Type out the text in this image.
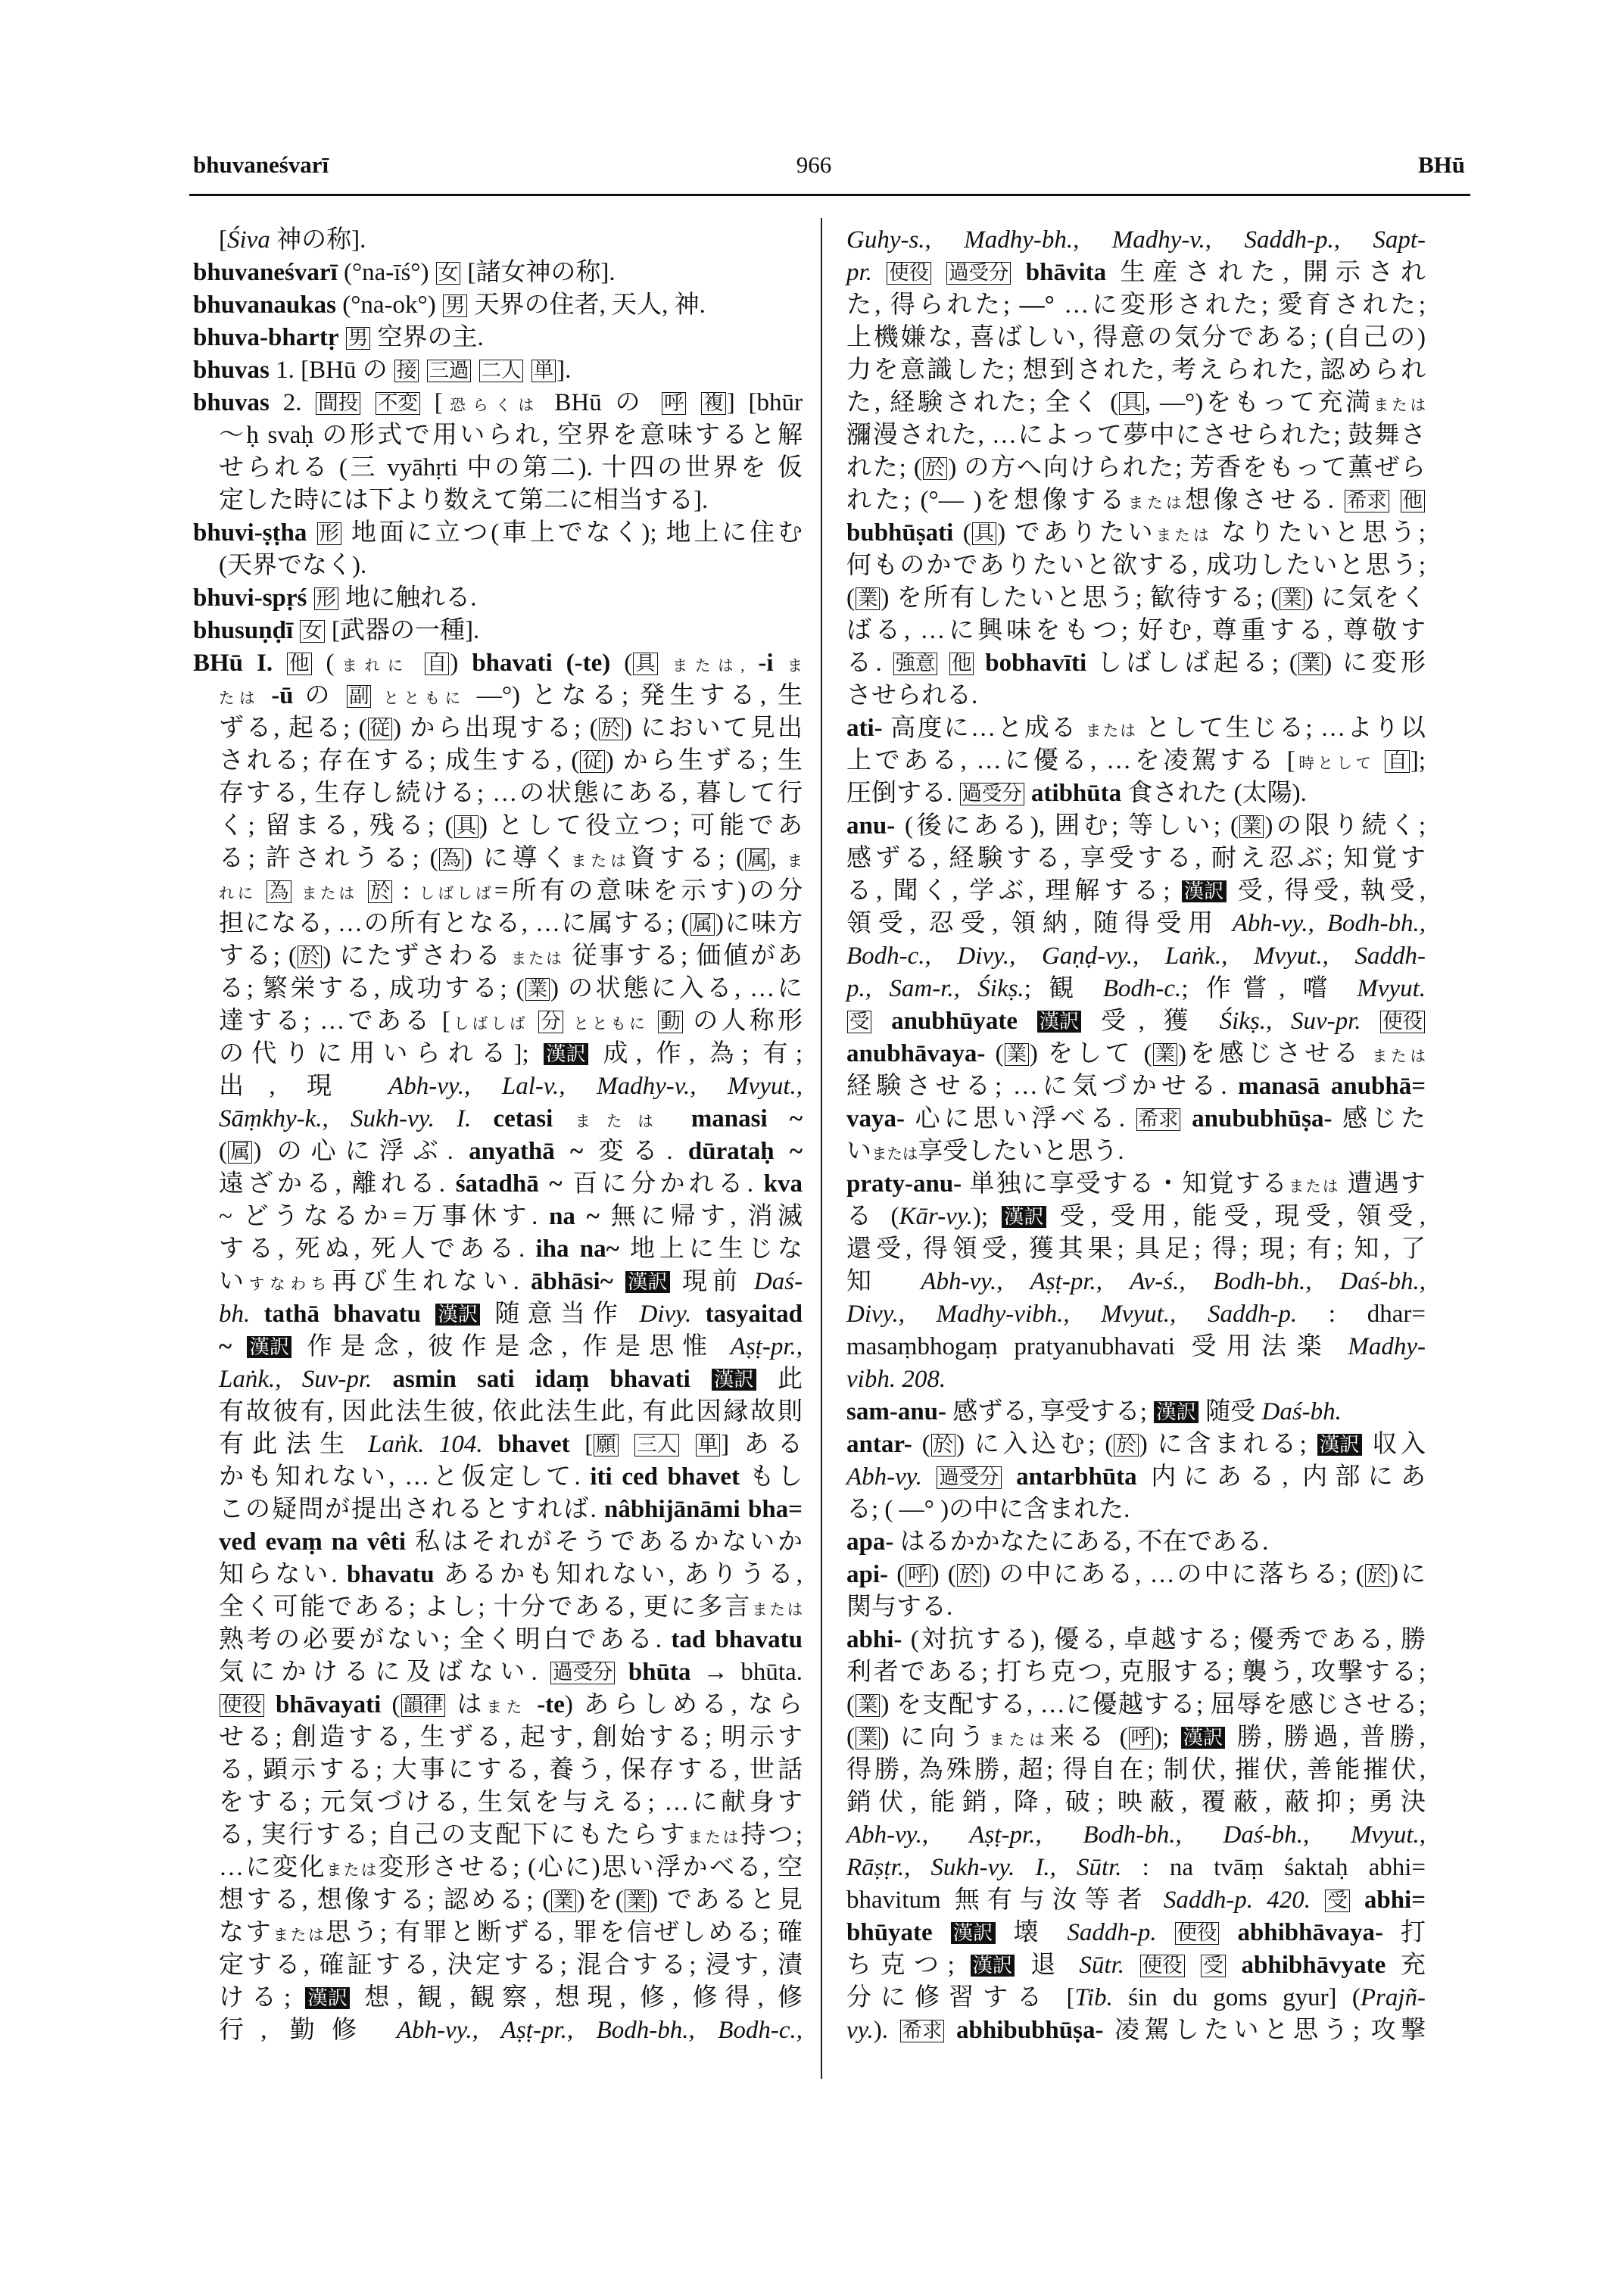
bhuvaneśvarī	966	BHū
[Śiva 神の称].
bhuvaneśvarī (°na-īś°) 女 [諸女神の称].
bhuvanaukas (°na-ok°) 男 天界の住者, 天人, 神.
bhuva-bhartṛ 男 空界の主.
bhuvas 1. [BHū の 接 三過 二人 単 ].
bhuvas 2. 間投 不変 [恐らくは BHū の 呼 複 ] [bhūr
〜ḥ svaḥ の形式で用いられ, 空界を意味すると解
せられる (三 vyāhṛti 中の第二). 十四の世界を 仮
定した時には下より数えて第二に相当する].
bhuvi-ṣṭha 形 地面に立つ(車上でなく); 地上に住む
(天界でなく).
bhuvi-spṛś 形 地に触れる.
bhusuṇḍī 女 [武器の一種].
BHū I. 他 (まれに 自 ) bhavati (-te) ( 具 または, -i ま
たは -ū の 副 とともに —°) となる; 発生する, 生
ずる, 起る; ( 従 ) から出現する; ( 於 ) において見出
される; 存在する; 成生する, ( 従 ) から生ずる; 生
存する, 生存し続ける; …の状態にある, 暮して行
く; 留まる, 残る; ( 具 ) として役立つ; 可能であ
る; 許されうる; ( 為 ) に導くまたは資する; ( 属 , ま
れに 為 または 於 : しばしば=所有の意味を示す)の分
担になる, …の所有となる, …に属する; ( 属 )に味方
する; ( 於 ) にたずさわる または 従事する; 価値があ
る; 繁栄する, 成功する; ( 業 ) の状態に入る, …に
達する; …である [しばしば 分 とともに 動 の人称形
の代りに用いられる]; 漢訳 成, 作, 為; 有;
出, 現 Abh-vy., Lal-v., Madhy-v., Mvyut.,
Sāṃkhy-k., Sukh-vy. I. cetasi または manasi ~
( 属 ) の心に浮ぶ. anyathā ~ 変る. dūrataḥ ~
遠ざかる, 離れる. śatadhā ~ 百に分かれる. kva
~ どうなるか=万事休す. na ~ 無に帰す, 消滅
する, 死ぬ, 死人である. iha na~ 地上に生じな
いすなわち再び生れない. ābhāsi~ 漢訳 現前 Daś-
bh. tathā bhavatu 漢訳 随意当作 Divy. tasyaitad
~ 漢訳 作是念, 彼作是念, 作是思惟 Aṣṭ-pr.,
Laṅk., Suv-pr. asmin sati idaṃ bhavati 漢訳 此
有故彼有, 因此法生彼, 依此法生此, 有此因縁故則
有此法生 Laṅk. 104. bhavet [ 願 三人 単 ] ある
かも知れない, …と仮定して. iti ced bhavet もし
この疑問が提出されるとすれば. nâbhijānāmi bha=
ved evaṃ na vêti 私はそれがそうであるかないか
知らない. bhavatu あるかも知れない, ありうる,
全く可能である; よし; 十分である, 更に多言または
熟考の必要がない; 全く明白である. tad bhavatu
気にかけるに及ばない. 過受分 bhūta → bhūta.
使役 bhāvayati ( 韻律 はまた -te) あらしめる, なら
せる; 創造する, 生ずる, 起す, 創始する; 明示す
る, 顕示する; 大事にする, 養う, 保存する, 世話
をする; 元気づける, 生気を与える; …に献身す
る, 実行する; 自己の支配下にもたらすまたは持つ;
…に変化または変形させる; (心に)思い浮かべる, 空
想する, 想像する; 認める; ( 業 )を( 業 ) であると見
なすまたは思う; 有罪と断ずる, 罪を信ぜしめる; 確
定する, 確証する, 決定する; 混合する; 浸す, 漬
ける; 漢訳 想, 観, 観察, 想現, 修, 修得, 修
行, 勤修 Abh-vy., Aṣṭ-pr., Bodh-bh., Bodh-c.,
Guhy-s., Madhy-bh., Madhy-v., Saddh-p., Sapt-
pr. 使役 過受分 bhāvita 生産された, 開示され
た, 得られた; —° …に変形された; 愛育された;
上機嫌な, 喜ばしい, 得意の気分である; (自己の)
力を意識した; 想到された, 考えられた, 認められ
た, 経験された; 全く ( 具 , —°)をもって充満または
瀰漫された, …によって夢中にさせられた; 鼓舞さ
れた; ( 於 ) の方へ向けられた; 芳香をもって薫ぜら
れた; (°— )を想像するまたは想像させる. 希求 他
bubhūṣati ( 具 ) でありたいまたは なりたいと思う;
何ものかでありたいと欲する, 成功したいと思う;
( 業 ) を所有したいと思う; 歓待する; ( 業 ) に気をく
ばる, …に興味をもつ; 好む, 尊重する, 尊敬す
る. 強意 他 bobhavīti しばしば起る; ( 業 ) に変形
させられる.
ati- 高度に…と成る または として生じる; …より以
上である, …に優る, …を凌駕する [時として 自 ];
圧倒する. 過受分 atibhūta 食された (太陽).
anu- (後にある), 囲む; 等しい; ( 業 )の限り続く;
感ずる, 経験する, 享受する, 耐え忍ぶ; 知覚す
る, 聞く, 学ぶ, 理解する; 漢訳 受, 得受, 執受,
領受, 忍受, 領納, 随得受用 Abh-vy., Bodh-bh.,
Bodh-c., Divy., Gaṇḍ-vy., Laṅk., Mvyut., Saddh-
p., Sam-r., Śikṣ.; 観 Bodh-c.; 作嘗, 嚐 Mvyut.
受 anubhūyate 漢訳 受, 獲 Śikṣ., Suv-pr. 使役
anubhāvaya- ( 業 ) をして ( 業 )を感じさせる または
経験させる; …に気づかせる. manasā anubhā=
vaya- 心に思い浮べる. 希求 anububhūṣa- 感じた
いまたは享受したいと思う.
praty-anu- 単独に享受する・知覚するまたは 遭遇す
る (Kār-vy.); 漢訳 受, 受用, 能受, 現受, 領受,
還受, 得領受, 獲其果; 具足; 得; 現; 有; 知, 了
知 Abh-vy., Aṣṭ-pr., Av-ś., Bodh-bh., Daś-bh.,
Divy., Madhy-vibh., Mvyut., Saddh-p. : dhar=
masaṃbhogaṃ pratyanubhavati 受用法楽 Madhy-
vibh. 208.
sam-anu- 感ずる, 享受する; 漢訳 随受 Daś-bh.
antar- ( 於 ) に入込む; ( 於 ) に含まれる; 漢訳 収入
Abh-vy. 過受分 antarbhūta 内にある, 内部にあ
る; ( —° )の中に含まれた.
apa- はるかかなたにある, 不在である.
api- ( 呼 ) ( 於 ) の中にある, …の中に落ちる; ( 於 )に
関与する.
abhi- (対抗する), 優る, 卓越する; 優秀である, 勝
利者である; 打ち克つ, 克服する; 襲う, 攻撃する;
( 業 ) を支配する, …に優越する; 屈辱を感じさせる;
( 業 ) に向うまたは来る ( 呼 ); 漢訳 勝, 勝過, 普勝,
得勝, 為殊勝, 超; 得自在; 制伏, 摧伏, 善能摧伏,
銷伏, 能銷, 降, 破; 映蔽, 覆蔽, 蔽抑; 勇決
Abh-vy., Aṣṭ-pr., Bodh-bh., Daś-bh., Mvyut.,
Rāṣṭr., Sukh-vy. I., Sūtr. : na tvāṃ śaktaḥ abhi=
bhavitum 無有与汝等者 Saddh-p. 420. 受 abhi=
bhūyate 漢訳 壊 Saddh-p. 使役 abhibhāvaya- 打
ち克つ; 漢訳 退 Sūtr. 使役 受 abhibhāvyate 充
分に修習する [Tib. śin du goms gyur] (Prajñ-
vy.). 希求 abhibubhūṣa- 凌駕したいと思う; 攻撃
